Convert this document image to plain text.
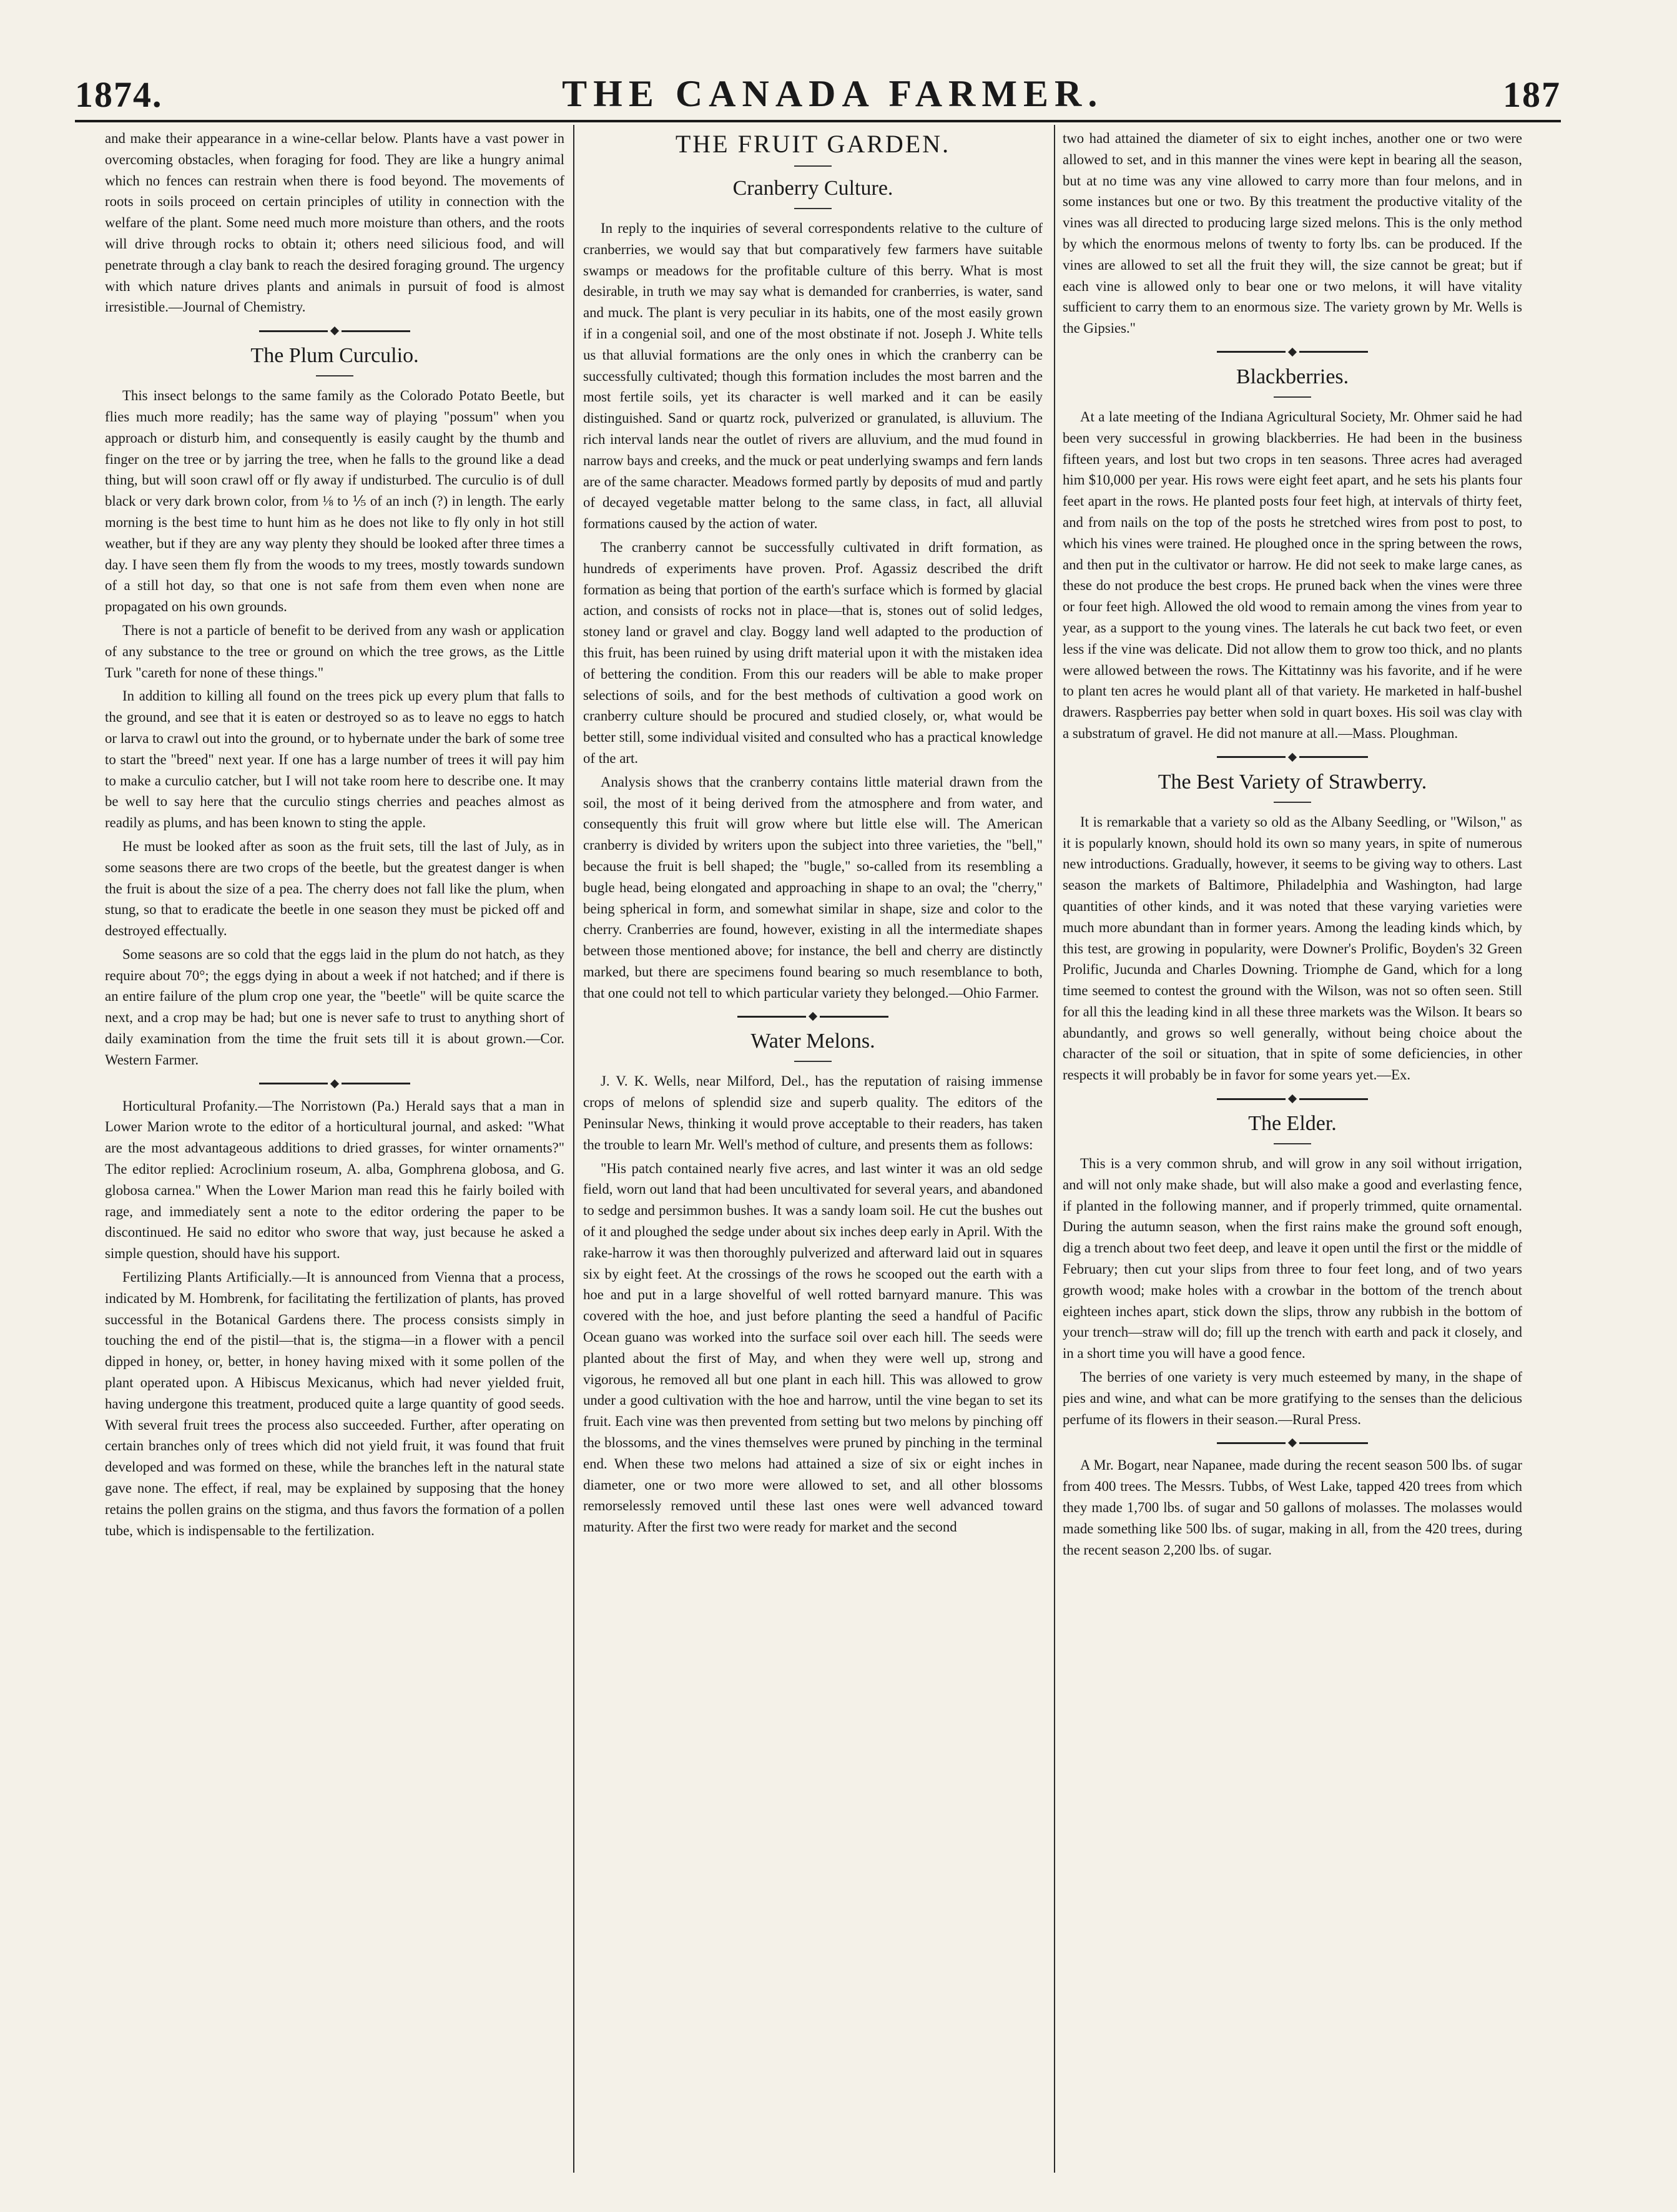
1874.	THE CANADA FARMER.	187

and make their appearance in a wine-cellar below. Plants have a vast power in overcoming obstacles, when foraging for food. They are like a hungry animal which no fences can restrain when there is food beyond. The movements of roots in soils proceed on certain principles of utility in connection with the welfare of the plant. Some need much more moisture than others, and the roots will drive through rocks to obtain it; others need silicious food, and will penetrate through a clay bank to reach the desired foraging ground. The urgency with which nature drives plants and animals in pursuit of food is almost irresistible.—Journal of Chemistry.

The Plum Curculio.

This insect belongs to the same family as the Colorado Potato Beetle, but flies much more readily; has the same way of playing "possum" when you approach or disturb him, and consequently is easily caught by the thumb and finger on the tree or by jarring the tree, when he falls to the ground like a dead thing, but will soon crawl off or fly away if undisturbed. The curculio is of dull black or very dark brown color, from ⅛ to ⅕ of an inch (?) in length. The early morning is the best time to hunt him as he does not like to fly only in hot still weather, but if they are any way plenty they should be looked after three times a day. I have seen them fly from the woods to my trees, mostly towards sundown of a still hot day, so that one is not safe from them even when none are propagated on his own grounds.

There is not a particle of benefit to be derived from any wash or application of any substance to the tree or ground on which the tree grows, as the Little Turk "careth for none of these things."

In addition to killing all found on the trees pick up every plum that falls to the ground, and see that it is eaten or destroyed so as to leave no eggs to hatch or larva to crawl out into the ground, or to hybernate under the bark of some tree to start the "breed" next year. If one has a large number of trees it will pay him to make a curculio catcher, but I will not take room here to describe one. It may be well to say here that the curculio stings cherries and peaches almost as readily as plums, and has been known to sting the apple.

He must be looked after as soon as the fruit sets, till the last of July, as in some seasons there are two crops of the beetle, but the greatest danger is when the fruit is about the size of a pea. The cherry does not fall like the plum, when stung, so that to eradicate the beetle in one season they must be picked off and destroyed effectually.

Some seasons are so cold that the eggs laid in the plum do not hatch, as they require about 70°; the eggs dying in about a week if not hatched; and if there is an entire failure of the plum crop one year, the "beetle" will be quite scarce the next, and a crop may be had; but one is never safe to trust to anything short of daily examination from the time the fruit sets till it is about grown.—Cor. Western Farmer.

Horticultural Profanity.—The Norristown (Pa.) Herald says that a man in Lower Marion wrote to the editor of a horticultural journal, and asked: "What are the most advantageous additions to dried grasses, for winter ornaments?" The editor replied: Acroclinium roseum, A. alba, Gomphrena globosa, and G. globosa carnea." When the Lower Marion man read this he fairly boiled with rage, and immediately sent a note to the editor ordering the paper to be discontinued. He said no editor who swore that way, just because he asked a simple question, should have his support.

Fertilizing Plants Artificially.—It is announced from Vienna that a process, indicated by M. Hombrenk, for facilitating the fertilization of plants, has proved successful in the Botanical Gardens there. The process consists simply in touching the end of the pistil—that is, the stigma—in a flower with a pencil dipped in honey, or, better, in honey having mixed with it some pollen of the plant operated upon. A Hibiscus Mexicanus, which had never yielded fruit, having undergone this treatment, produced quite a large quantity of good seeds. With several fruit trees the process also succeeded. Further, after operating on certain branches only of trees which did not yield fruit, it was found that fruit developed and was formed on these, while the branches left in the natural state gave none. The effect, if real, may be explained by supposing that the honey retains the pollen grains on the stigma, and thus favors the formation of a pollen tube, which is indispensable to the fertilization.

THE FRUIT GARDEN.
Cranberry Culture.

In reply to the inquiries of several correspondents relative to the culture of cranberries, we would say that but comparatively few farmers have suitable swamps or meadows for the profitable culture of this berry. What is most desirable, in truth we may say what is demanded for cranberries, is water, sand and muck. The plant is very peculiar in its habits, one of the most easily grown if in a congenial soil, and one of the most obstinate if not. Joseph J. White tells us that alluvial formations are the only ones in which the cranberry can be successfully cultivated; though this formation includes the most barren and the most fertile soils, yet its character is well marked and it can be easily distinguished. Sand or quartz rock, pulverized or granulated, is alluvium. The rich interval lands near the outlet of rivers are alluvium, and the mud found in narrow bays and creeks, and the muck or peat underlying swamps and fern lands are of the same character. Meadows formed partly by deposits of mud and partly of decayed vegetable matter belong to the same class, in fact, all alluvial formations caused by the action of water.

The cranberry cannot be successfully cultivated in drift formation, as hundreds of experiments have proven. Prof. Agassiz described the drift formation as being that portion of the earth's surface which is formed by glacial action, and consists of rocks not in place—that is, stones out of solid ledges, stoney land or gravel and clay. Boggy land well adapted to the production of this fruit, has been ruined by using drift material upon it with the mistaken idea of bettering the condition. From this our readers will be able to make proper selections of soils, and for the best methods of cultivation a good work on cranberry culture should be procured and studied closely, or, what would be better still, some individual visited and consulted who has a practical knowledge of the art.

Analysis shows that the cranberry contains little material drawn from the soil, the most of it being derived from the atmosphere and from water, and consequently this fruit will grow where but little else will. The American cranberry is divided by writers upon the subject into three varieties, the "bell," because the fruit is bell shaped; the "bugle," so-called from its resembling a bugle head, being elongated and approaching in shape to an oval; the "cherry," being spherical in form, and somewhat similar in shape, size and color to the cherry. Cranberries are found, however, existing in all the intermediate shapes between those mentioned above; for instance, the bell and cherry are distinctly marked, but there are specimens found bearing so much resemblance to both, that one could not tell to which particular variety they belonged.—Ohio Farmer.

Water Melons.

J. V. K. Wells, near Milford, Del., has the reputation of raising immense crops of melons of splendid size and superb quality. The editors of the Peninsular News, thinking it would prove acceptable to their readers, has taken the trouble to learn Mr. Well's method of culture, and presents them as follows:

"His patch contained nearly five acres, and last winter it was an old sedge field, worn out land that had been uncultivated for several years, and abandoned to sedge and persimmon bushes. It was a sandy loam soil. He cut the bushes out of it and ploughed the sedge under about six inches deep early in April. With the rake-harrow it was then thoroughly pulverized and afterward laid out in squares six by eight feet. At the crossings of the rows he scooped out the earth with a hoe and put in a large shovelful of well rotted barnyard manure. This was covered with the hoe, and just before planting the seed a handful of Pacific Ocean guano was worked into the surface soil over each hill. The seeds were planted about the first of May, and when they were well up, strong and vigorous, he removed all but one plant in each hill. This was allowed to grow under a good cultivation with the hoe and harrow, until the vine began to set its fruit. Each vine was then prevented from setting but two melons by pinching off the blossoms, and the vines themselves were pruned by pinching in the terminal end. When these two melons had attained a size of six or eight inches in diameter, one or two more were allowed to set, and all other blossoms remorselessly removed until these last ones were well advanced toward maturity. After the first two were ready for market and the second

two had attained the diameter of six to eight inches, another one or two were allowed to set, and in this manner the vines were kept in bearing all the season, but at no time was any vine allowed to carry more than four melons, and in some instances but one or two. By this treatment the productive vitality of the vines was all directed to producing large sized melons. This is the only method by which the enormous melons of twenty to forty lbs. can be produced. If the vines are allowed to set all the fruit they will, the size cannot be great; but if each vine is allowed only to bear one or two melons, it will have vitality sufficient to carry them to an enormous size. The variety grown by Mr. Wells is the Gipsies."

Blackberries.

At a late meeting of the Indiana Agricultural Society, Mr. Ohmer said he had been very successful in growing blackberries. He had been in the business fifteen years, and lost but two crops in ten seasons. Three acres had averaged him $10,000 per year. His rows were eight feet apart, and he sets his plants four feet apart in the rows. He planted posts four feet high, at intervals of thirty feet, and from nails on the top of the posts he stretched wires from post to post, to which his vines were trained. He ploughed once in the spring between the rows, and then put in the cultivator or harrow. He did not seek to make large canes, as these do not produce the best crops. He pruned back when the vines were three or four feet high. Allowed the old wood to remain among the vines from year to year, as a support to the young vines. The laterals he cut back two feet, or even less if the vine was delicate. Did not allow them to grow too thick, and no plants were allowed between the rows. The Kittatinny was his favorite, and if he were to plant ten acres he would plant all of that variety. He marketed in half-bushel drawers. Raspberries pay better when sold in quart boxes. His soil was clay with a substratum of gravel. He did not manure at all.—Mass. Ploughman.

The Best Variety of Strawberry.

It is remarkable that a variety so old as the Albany Seedling, or "Wilson," as it is popularly known, should hold its own so many years, in spite of numerous new introductions. Gradually, however, it seems to be giving way to others. Last season the markets of Baltimore, Philadelphia and Washington, had large quantities of other kinds, and it was noted that these varying varieties were much more abundant than in former years. Among the leading kinds which, by this test, are growing in popularity, were Downer's Prolific, Boyden's 32 Green Prolific, Jucunda and Charles Downing. Triomphe de Gand, which for a long time seemed to contest the ground with the Wilson, was not so often seen. Still for all this the leading kind in all these three markets was the Wilson. It bears so abundantly, and grows so well generally, without being choice about the character of the soil or situation, that in spite of some deficiencies, in other respects it will probably be in favor for some years yet.—Ex.

The Elder.

This is a very common shrub, and will grow in any soil without irrigation, and will not only make shade, but will also make a good and everlasting fence, if planted in the following manner, and if properly trimmed, quite ornamental. During the autumn season, when the first rains make the ground soft enough, dig a trench about two feet deep, and leave it open until the first or the middle of February; then cut your slips from three to four feet long, and of two years growth wood; make holes with a crowbar in the bottom of the trench about eighteen inches apart, stick down the slips, throw any rubbish in the bottom of your trench—straw will do; fill up the trench with earth and pack it closely, and in a short time you will have a good fence.

The berries of one variety is very much esteemed by many, in the shape of pies and wine, and what can be more gratifying to the senses than the delicious perfume of its flowers in their season.—Rural Press.

A Mr. Bogart, near Napanee, made during the recent season 500 lbs. of sugar from 400 trees. The Messrs. Tubbs, of West Lake, tapped 420 trees from which they made 1,700 lbs. of sugar and 50 gallons of molasses. The molasses would made something like 500 lbs. of sugar, making in all, from the 420 trees, during the recent season 2,200 lbs. of sugar.
